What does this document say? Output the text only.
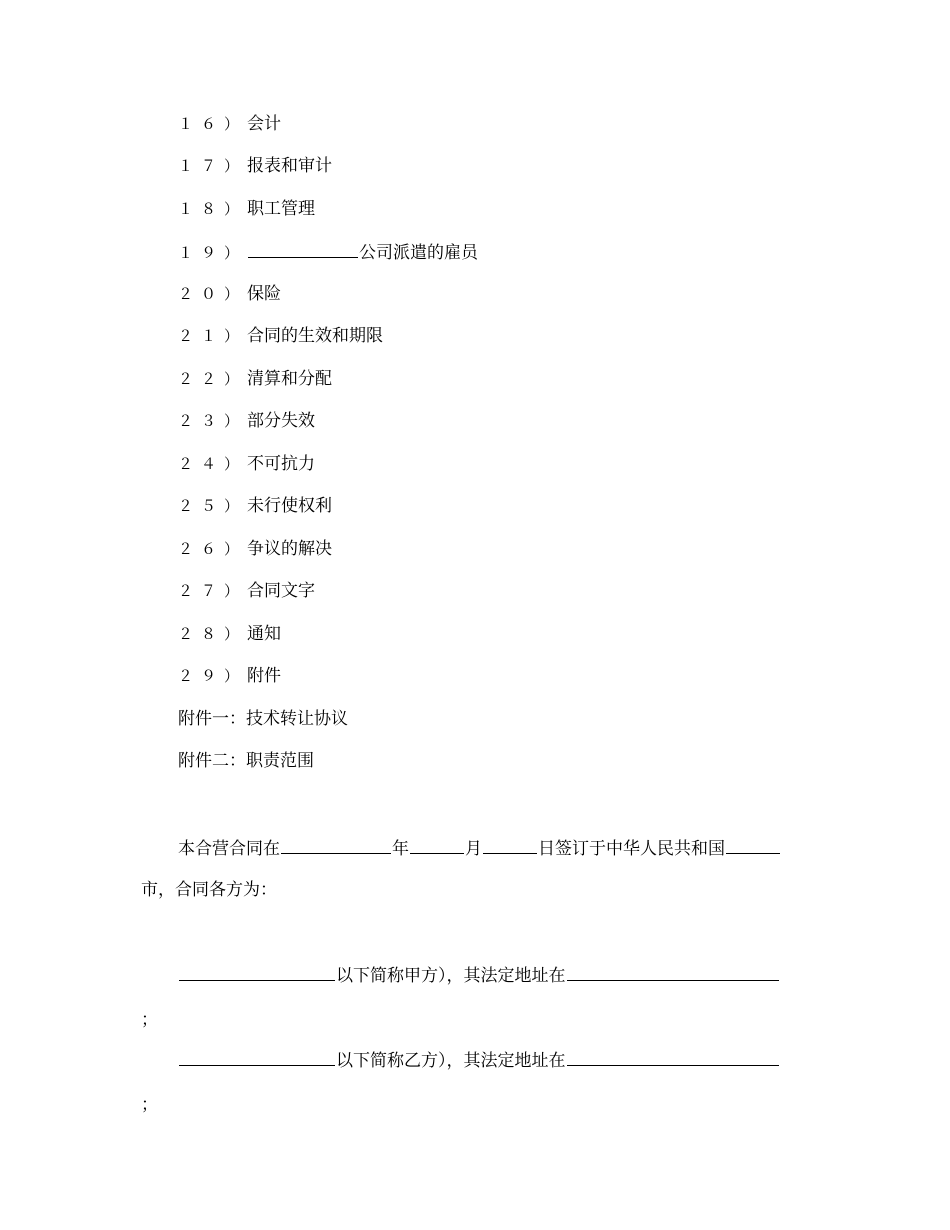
１６）会计
１７）报表和审计
１８）职工管理
１９）	公司派遣的雇员
２０）保险
２１）合同的生效和期限
２２）清算和分配
２３）部分失效
２４）不可抗力
２５）未行使权利
２６）争议的解决
２７）合同文字
２８）通知
２９）附件
附件一：技术转让协议
附件二：职责范围
本合营合同在	年	月	日签订于中华人民共和国
市，合同各方为：
以下简称甲方），其法定地址在
；
以下简称乙方），其法定地址在
；
